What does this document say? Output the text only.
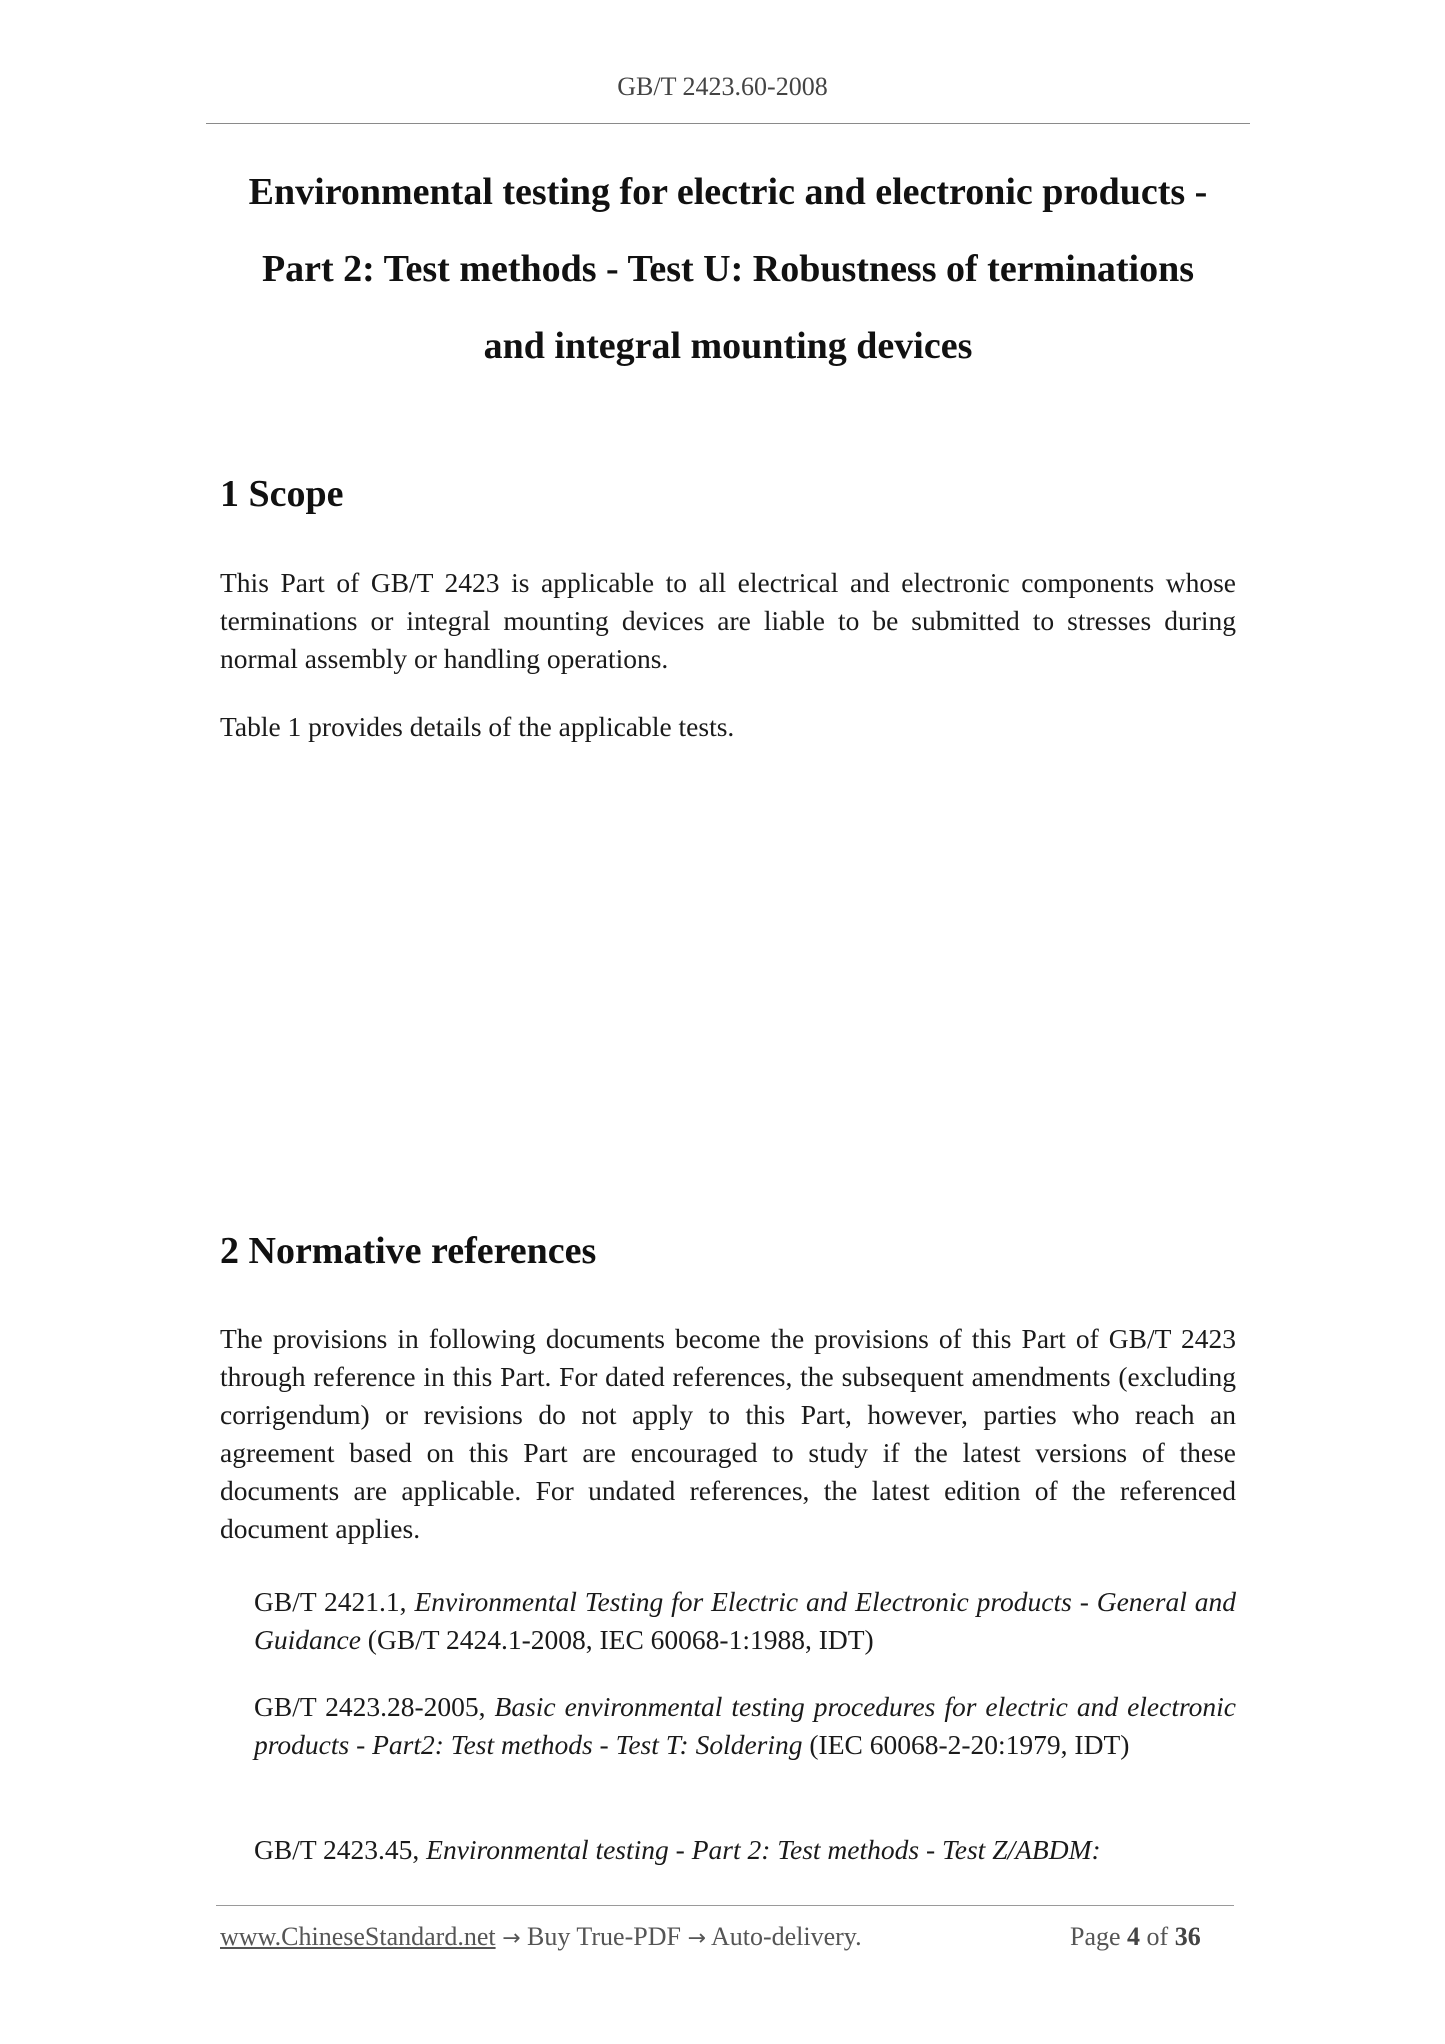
GB/T 2423.60-2008
Environmental testing for electric and electronic products -
Part 2: Test methods - Test U: Robustness of terminations
and integral mounting devices
1 Scope

This Part of GB/T 2423 is applicable to all electrical and electronic components whose terminations or integral mounting devices are liable to be submitted to stresses during normal assembly or handling operations.

Table 1 provides details of the applicable tests.

2 Normative references

The provisions in following documents become the provisions of this Part of GB/T 2423 through reference in this Part. For dated references, the subsequent amendments (excluding corrigendum) or revisions do not apply to this Part, however, parties who reach an agreement based on this Part are encouraged to study if the latest versions of these documents are applicable. For undated references, the latest edition of the referenced document applies.

GB/T 2421.1, Environmental Testing for Electric and Electronic products - General and Guidance (GB/T 2424.1-2008, IEC 60068-1:1988, IDT)

GB/T 2423.28-2005, Basic environmental testing procedures for electric and electronic products - Part2: Test methods - Test T: Soldering (IEC 60068-2-20:1979, IDT)

GB/T 2423.45, Environmental testing - Part 2: Test methods - Test Z/ABDM:

www.ChineseStandard.net → Buy True-PDF → Auto-delivery.	Page 4 of 36
